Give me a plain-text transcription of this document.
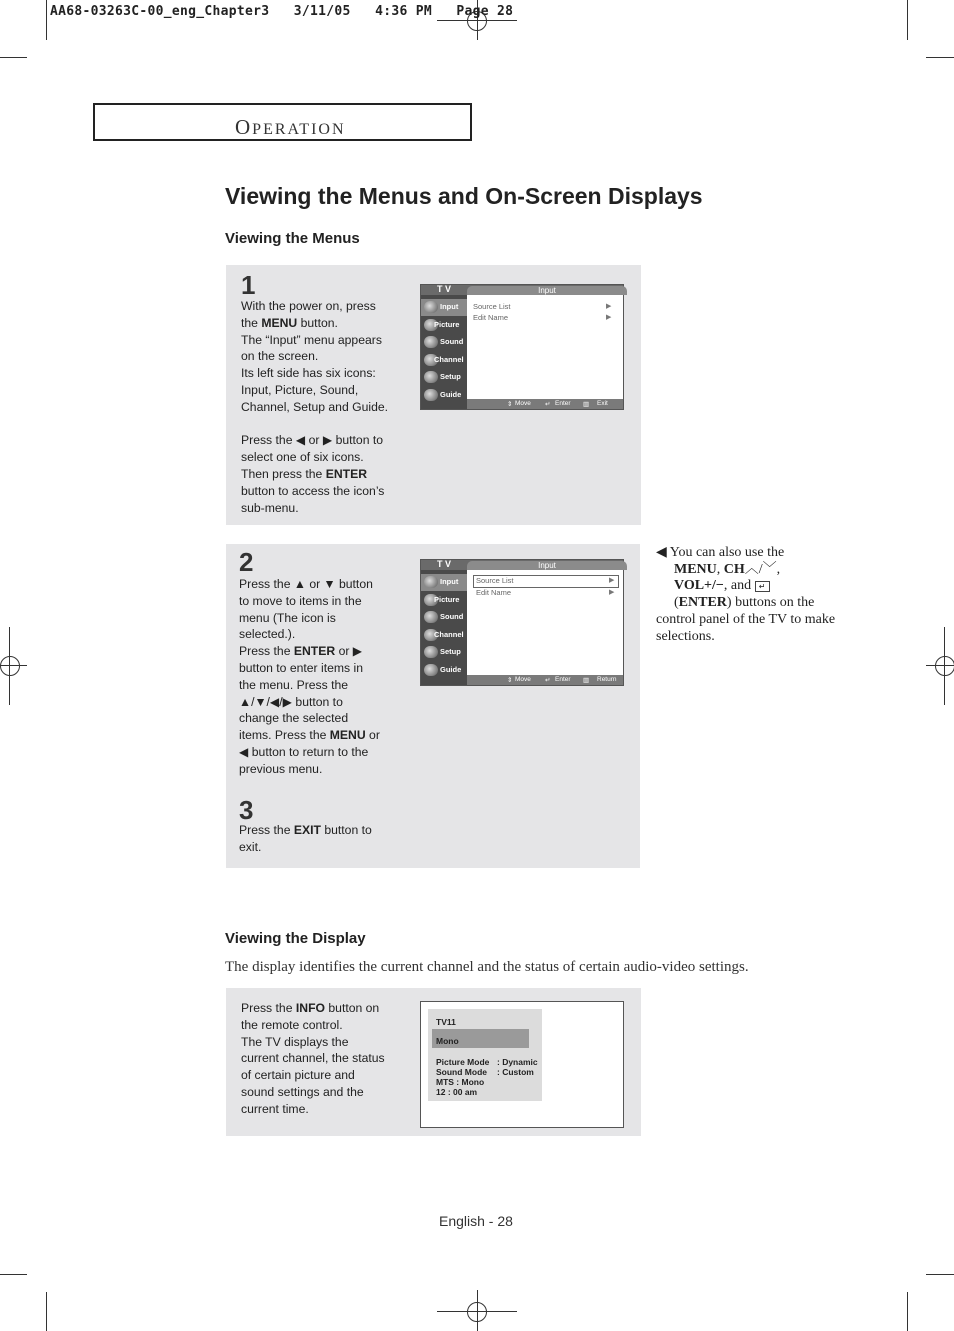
AA68-03263C-00_eng_Chapter3   3/11/05   4:36 PM   Page 28
OPERATION
Viewing the Menus and On-Screen Displays
Viewing the Menus
1
With the power on, press
the MENU button.
The “Input” menu appears
on the screen.
Its left side has six icons:
Input, Picture, Sound,
Channel, Setup and Guide.

Press the ◀ or ▶ button to
select one of six icons.
Then press the ENTER
button to access the icon’s
sub-menu.
T V	Input
Input
Picture
Sound
Channel
Setup
Guide
Source List
Edit Name
▶
▶
⇕ Move ↵ Enter ▥ Exit
2
Press the ▲ or ▼ button
to move to items in the
menu (The icon is
selected.).
Press the ENTER or ▶
button to enter items in
the menu. Press the
▲/▼/◀/▶ button to
change the selected
items. Press the MENU or
◀ button to return to the
previous menu.
3
Press the EXIT button to
exit.
T V	Input
Input
Picture
Sound
Channel
Setup
Guide
Source List
Edit Name
▶
▶
⇕ Move ↵ Enter ▥ Return
◀ You can also use the
MENU, CH︿/﹀,
VOL+/−, and ↵
(ENTER) buttons on the control panel of the TV to make selections.
Viewing the Display
The display identifies the current channel and the status of certain audio-video settings.
Press the INFO button on
the remote control.
The TV displays the
current channel, the status
of certain picture and
sound settings and the
current time.
TV11
Mono
Picture Mode : Dynamic
Sound Mode : Custom
MTS : Mono
12 : 00 am
English - 28
